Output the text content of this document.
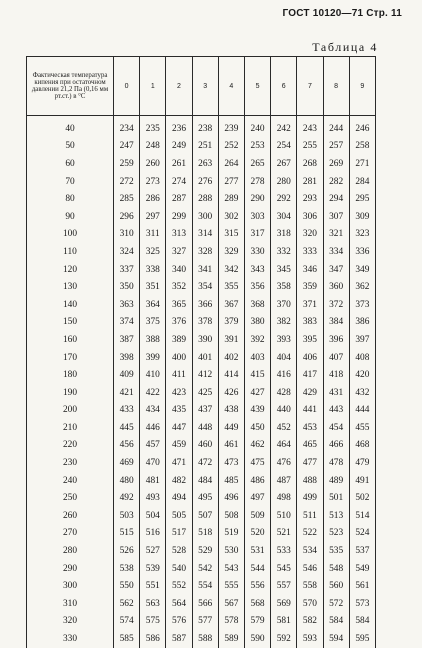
ГОСТ 10120—71 Стр. 11
Таблица 4
Фактическая температура кипения при остаточном давлении 21,2 Па (0,16 мм рт.ст.) в °С	0	1	2	3	4	5	6	7	8	9
40	234	235	236	238	239	240	242	243	244	246
50	247	248	249	251	252	253	254	255	257	258
60	259	260	261	263	264	265	267	268	269	271
70	272	273	274	276	277	278	280	281	282	284
80	285	286	287	288	289	290	292	293	294	295
90	296	297	299	300	302	303	304	306	307	309
100	310	311	313	314	315	317	318	320	321	323
110	324	325	327	328	329	330	332	333	334	336
120	337	338	340	341	342	343	345	346	347	349
130	350	351	352	354	355	356	358	359	360	362
140	363	364	365	366	367	368	370	371	372	373
150	374	375	376	378	379	380	382	383	384	386
160	387	388	389	390	391	392	393	395	396	397
170	398	399	400	401	402	403	404	406	407	408
180	409	410	411	412	414	415	416	417	418	420
190	421	422	423	425	426	427	428	429	431	432
200	433	434	435	437	438	439	440	441	443	444
210	445	446	447	448	449	450	452	453	454	455
220	456	457	459	460	461	462	464	465	466	468
230	469	470	471	472	473	475	476	477	478	479
240	480	481	482	484	485	486	487	488	489	491
250	492	493	494	495	496	497	498	499	501	502
260	503	504	505	507	508	509	510	511	513	514
270	515	516	517	518	519	520	521	522	523	524
280	526	527	528	529	530	531	533	534	535	537
290	538	539	540	542	543	544	545	546	548	549
300	550	551	552	554	555	556	557	558	560	561
310	562	563	564	566	567	568	569	570	572	573
320	574	575	576	577	578	579	581	582	584	584
330	585	586	587	588	589	590	592	593	594	595
